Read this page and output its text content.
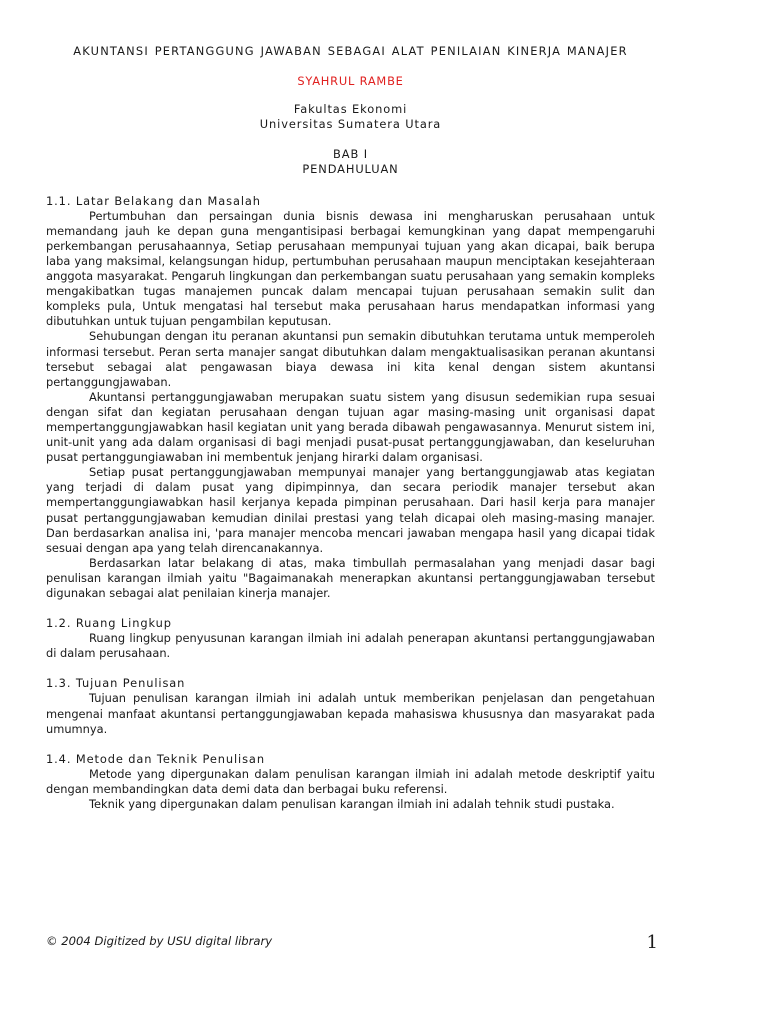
AKUNTANSI PERTANGGUNG JAWABAN SEBAGAI ALAT PENILAIAN KINERJA MANAJER
SYAHRUL RAMBE
Fakultas Ekonomi
Universitas Sumatera Utara
BAB I
PENDAHULUAN
1.1. Latar Belakang dan Masalah

Pertumbuhan dan persaingan dunia bisnis dewasa ini mengharuskan perusahaan untuk memandang jauh ke depan guna mengantisipasi berbagai kemungkinan yang dapat mempengaruhi perkembangan perusahaannya, Setiap perusahaan mempunyai tujuan yang akan dicapai, baik berupa laba yang maksimal, kelangsungan hidup, pertumbuhan perusahaan maupun menciptakan kesejahteraan anggota masyarakat. Pengaruh lingkungan dan perkembangan suatu perusahaan yang semakin kompleks mengakibatkan tugas manajemen puncak dalam mencapai tujuan perusahaan semakin sulit dan kompleks pula, Untuk mengatasi hal tersebut maka perusahaan harus mendapatkan informasi yang dibutuhkan untuk tujuan pengambilan keputusan.

Sehubungan dengan itu peranan akuntansi pun semakin dibutuhkan terutama untuk memperoleh informasi tersebut. Peran serta manajer sangat dibutuhkan dalam mengaktualisasikan peranan akuntansi tersebut sebagai alat pengawasan biaya dewasa ini kita kenal dengan sistem akuntansi pertanggungjawaban.

Akuntansi pertanggungjawaban merupakan suatu sistem yang disusun sedemikian rupa sesuai dengan sifat dan kegiatan perusahaan dengan tujuan agar masing-masing unit organisasi dapat mempertanggungjawabkan hasil kegiatan unit yang berada dibawah pengawasannya. Menurut sistem ini, unit-unit yang ada dalam organisasi di bagi menjadi pusat-pusat pertanggungjawaban, dan keseluruhan pusat pertanggungiawaban ini membentuk jenjang hirarki dalam organisasi.

Setiap pusat pertanggungjawaban mempunyai manajer yang bertanggungjawab atas kegiatan yang terjadi di dalam pusat yang dipimpinnya, dan secara periodik manajer tersebut akan mempertanggungiawabkan hasil kerjanya kepada pimpinan perusahaan. Dari hasil kerja para manajer pusat pertanggungjawaban kemudian dinilai prestasi yang telah dicapai oleh masing-masing manajer. Dan berdasarkan analisa ini, 'para manajer mencoba mencari jawaban mengapa hasil yang dicapai tidak sesuai dengan apa yang telah direncanakannya.

Berdasarkan latar belakang di atas, maka timbullah permasalahan yang menjadi dasar bagi penulisan karangan ilmiah yaitu "Bagaimanakah menerapkan akuntansi pertanggungjawaban tersebut digunakan sebagai alat penilaian kinerja manajer.

1.2. Ruang Lingkup

Ruang lingkup penyusunan karangan ilmiah ini adalah penerapan akuntansi pertanggungjawaban di dalam perusahaan.

1.3. Tujuan Penulisan

Tujuan penulisan karangan ilmiah ini adalah untuk memberikan penjelasan dan pengetahuan mengenai manfaat akuntansi pertanggungjawaban kepada mahasiswa khususnya dan masyarakat pada umumnya.

1.4. Metode dan Teknik Penulisan

Metode yang dipergunakan dalam penulisan karangan ilmiah ini adalah metode deskriptif yaitu dengan membandingkan data demi data dan berbagai buku referensi.

Teknik yang dipergunakan dalam penulisan karangan ilmiah ini adalah tehnik studi pustaka.

© 2004 Digitized by USU digital library	1
